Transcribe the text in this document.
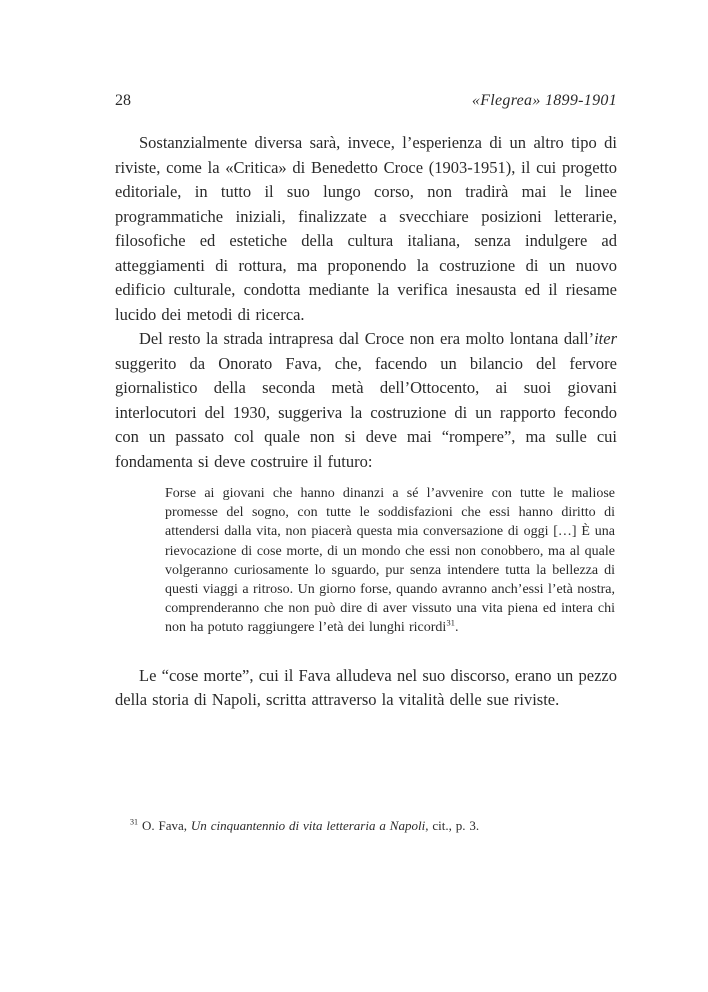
28	«Flegrea» 1899-1901

Sostanzialmente diversa sarà, invece, l’esperienza di un altro tipo di riviste, come la «Critica» di Benedetto Croce (1903-1951), il cui progetto editoriale, in tutto il suo lungo corso, non tradirà mai le linee programmatiche iniziali, finalizzate a svecchiare posizioni letterarie, filosofiche ed estetiche della cultura italiana, senza indulgere ad atteggiamenti di rottura, ma proponendo la costruzione di un nuovo edificio culturale, condotta mediante la verifica inesausta ed il riesame lucido dei metodi di ricerca.

Del resto la strada intrapresa dal Croce non era molto lontana dall’iter suggerito da Onorato Fava, che, facendo un bilancio del fervore giornalistico della seconda metà dell’Ottocento, ai suoi giovani interlocutori del 1930, suggeriva la costruzione di un rapporto fecondo con un passato col quale non si deve mai “rompere”, ma sulle cui fondamenta si deve costruire il futuro:

Forse ai giovani che hanno dinanzi a sé l’avvenire con tutte le maliose promesse del sogno, con tutte le soddisfazioni che essi hanno diritto di attendersi dalla vita, non piacerà questa mia conversazione di oggi […] È una rievocazione di cose morte, di un mondo che essi non conobbero, ma al quale volgeranno curiosamente lo sguardo, pur senza intendere tutta la bellezza di questi viaggi a ritroso. Un giorno forse, quando avranno anch’essi l’età nostra, comprenderanno che non può dire di aver vissuto una vita piena ed intera chi non ha potuto raggiungere l’età dei lunghi ricordi$^{31}$.

Le “cose morte”, cui il Fava alludeva nel suo discorso, erano un pezzo della storia di Napoli, scritta attraverso la vitalità delle sue riviste.

$^{31}$ O. Fava, Un cinquantennio di vita letteraria a Napoli, cit., p. 3.
